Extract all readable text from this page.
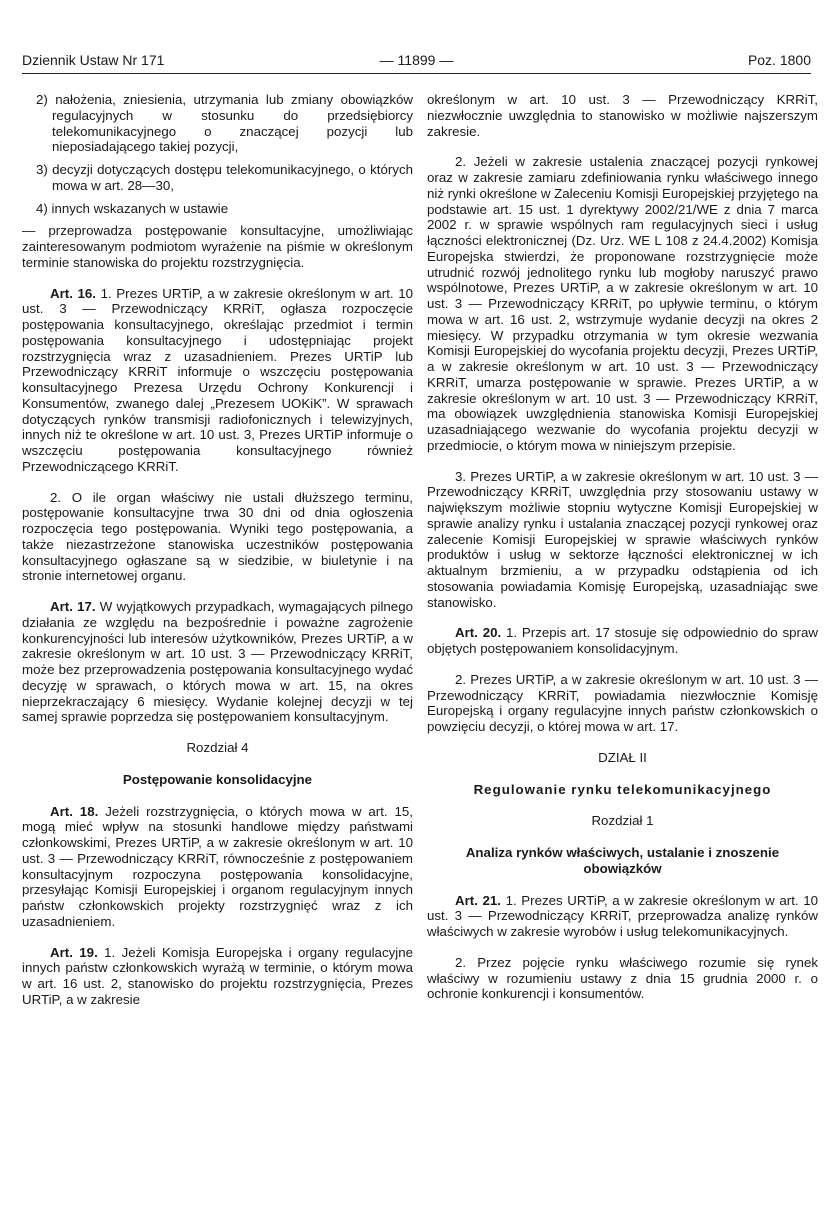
Dziennik Ustaw Nr 171	— 11899 —	Poz. 1800

2) nałożenia, zniesienia, utrzymania lub zmiany obowiązków regulacyjnych w stosunku do przedsiębiorcy telekomunikacyjnego o znaczącej pozycji lub nieposiadającego takiej pozycji,

3) decyzji dotyczących dostępu telekomunikacyjnego, o których mowa w art. 28—30,

4) innych wskazanych w ustawie

— przeprowadza postępowanie konsultacyjne, umożliwiając zainteresowanym podmiotom wyrażenie na piśmie w określonym terminie stanowiska do projektu rozstrzygnięcia.

Art. 16. 1. Prezes URTiP, a w zakresie określonym w art. 10 ust. 3 — Przewodniczący KRRiT, ogłasza rozpoczęcie postępowania konsultacyjnego, określając przedmiot i termin postępowania konsultacyjnego i udostępniając projekt rozstrzygnięcia wraz z uzasadnieniem. Prezes URTiP lub Przewodniczący KRRiT informuje o wszczęciu postępowania konsultacyjnego Prezesa Urzędu Ochrony Konkurencji i Konsumentów, zwanego dalej „Prezesem UOKiK”. W sprawach dotyczących rynków transmisji radiofonicznych i telewizyjnych, innych niż te określone w art. 10 ust. 3, Prezes URTiP informuje o wszczęciu postępowania konsultacyjnego również Przewodniczącego KRRiT.

2. O ile organ właściwy nie ustali dłuższego terminu, postępowanie konsultacyjne trwa 30 dni od dnia ogłoszenia rozpoczęcia tego postępowania. Wyniki tego postępowania, a także niezastrzeżone stanowiska uczestników postępowania konsultacyjnego ogłaszane są w siedzibie, w biuletynie i na stronie internetowej organu.

Art. 17. W wyjątkowych przypadkach, wymagających pilnego działania ze względu na bezpośrednie i poważne zagrożenie konkurencyjności lub interesów użytkowników, Prezes URTiP, a w zakresie określonym w art. 10 ust. 3 — Przewodniczący KRRiT, może bez przeprowadzenia postępowania konsultacyjnego wydać decyzję w sprawach, o których mowa w art. 15, na okres nieprzekraczający 6 miesięcy. Wydanie kolejnej decyzji w tej samej sprawie poprzedza się postępowaniem konsultacyjnym.

Rozdział 4

Postępowanie konsolidacyjne

Art. 18. Jeżeli rozstrzygnięcia, o których mowa w art. 15, mogą mieć wpływ na stosunki handlowe między państwami członkowskimi, Prezes URTiP, a w zakresie określonym w art. 10 ust. 3 — Przewodniczący KRRiT, równocześnie z postępowaniem konsultacyjnym rozpoczyna postępowania konsolidacyjne, przesyłając Komisji Europejskiej i organom regulacyjnym innych państw członkowskich projekty rozstrzygnięć wraz z ich uzasadnieniem.

Art. 19. 1. Jeżeli Komisja Europejska i organy regulacyjne innych państw członkowskich wyrażą w terminie, o którym mowa w art. 16 ust. 2, stanowisko do projektu rozstrzygnięcia, Prezes URTiP, a w zakresie

określonym w art. 10 ust. 3 — Przewodniczący KRRiT, niezwłocznie uwzględnia to stanowisko w możliwie najszerszym zakresie.

2. Jeżeli w zakresie ustalenia znaczącej pozycji rynkowej oraz w zakresie zamiaru zdefiniowania rynku właściwego innego niż rynki określone w Zaleceniu Komisji Europejskiej przyjętego na podstawie art. 15 ust. 1 dyrektywy 2002/21/WE z dnia 7 marca 2002 r. w sprawie wspólnych ram regulacyjnych sieci i usług łączności elektronicznej (Dz. Urz. WE L 108 z 24.4.2002) Komisja Europejska stwierdzi, że proponowane rozstrzygnięcie może utrudnić rozwój jednolitego rynku lub mogłoby naruszyć prawo wspólnotowe, Prezes URTiP, a w zakresie określonym w art. 10 ust. 3 — Przewodniczący KRRiT, po upływie terminu, o którym mowa w art. 16 ust. 2, wstrzymuje wydanie decyzji na okres 2 miesięcy. W przypadku otrzymania w tym okresie wezwania Komisji Europejskiej do wycofania projektu decyzji, Prezes URTiP, a w zakresie określonym w art. 10 ust. 3 — Przewodniczący KRRiT, umarza postępowanie w sprawie. Prezes URTiP, a w zakresie określonym w art. 10 ust. 3 — Przewodniczący KRRiT, ma obowiązek uwzględnienia stanowiska Komisji Europejskiej uzasadniającego wezwanie do wycofania projektu decyzji w przedmiocie, o którym mowa w niniejszym przepisie.

3. Prezes URTiP, a w zakresie określonym w art. 10 ust. 3 — Przewodniczący KRRiT, uwzględnia przy stosowaniu ustawy w największym możliwie stopniu wytyczne Komisji Europejskiej w sprawie analizy rynku i ustalania znaczącej pozycji rynkowej oraz zalecenie Komisji Europejskiej w sprawie właściwych rynków produktów i usług w sektorze łączności elektronicznej w ich aktualnym brzmieniu, a w przypadku odstąpienia od ich stosowania powiadamia Komisję Europejską, uzasadniając swe stanowisko.

Art. 20. 1. Przepis art. 17 stosuje się odpowiednio do spraw objętych postępowaniem konsolidacyjnym.

2. Prezes URTiP, a w zakresie określonym w art. 10 ust. 3 — Przewodniczący KRRiT, powiadamia niezwłocznie Komisję Europejską i organy regulacyjne innych państw członkowskich o powzięciu decyzji, o której mowa w art. 17.

DZIAŁ II

Regulowanie rynku telekomunikacyjnego

Rozdział 1

Analiza rynków właściwych, ustalanie i znoszenie obowiązków

Art. 21. 1. Prezes URTiP, a w zakresie określonym w art. 10 ust. 3 — Przewodniczący KRRiT, przeprowadza analizę rynków właściwych w zakresie wyrobów i usług telekomunikacyjnych.

2. Przez pojęcie rynku właściwego rozumie się rynek właściwy w rozumieniu ustawy z dnia 15 grudnia 2000 r. o ochronie konkurencji i konsumentów.
